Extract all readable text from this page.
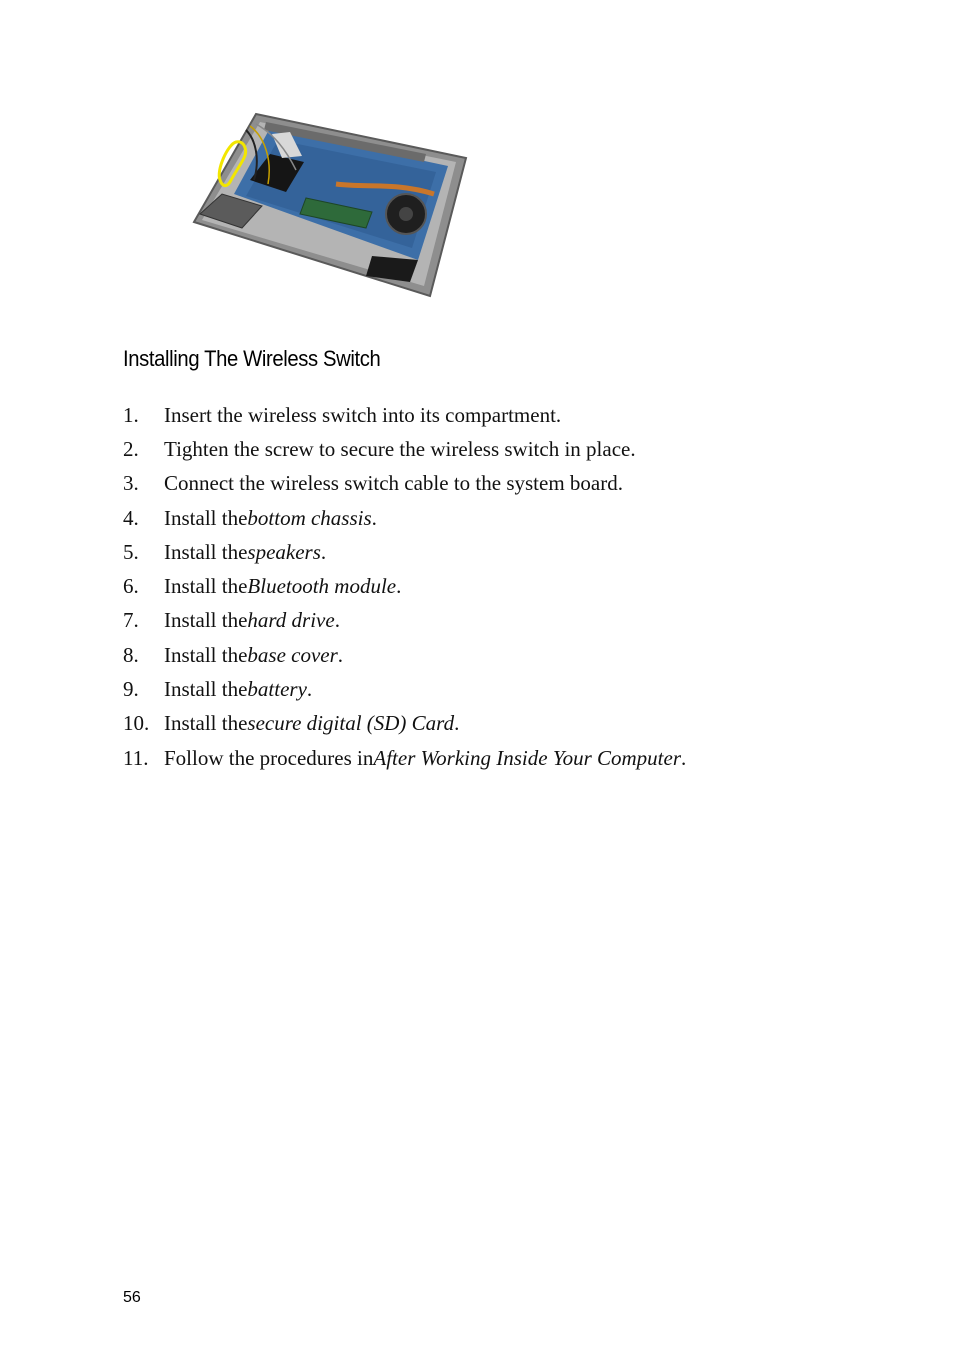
Installing The Wireless Switch
1.	Insert the wireless switch into its compartment.
2.	Tighten the screw to secure the wireless switch in place.
3.	Connect the wireless switch cable to the system board.
4.	Install the bottom chassis .
5.	Install the speakers .
6.	Install the Bluetooth module .
7.	Install the hard drive .
8.	Install the base cover .
9.	Install the battery .
10. Install the secure digital (SD) Card .
11. Follow the procedures in After Working Inside Your Computer .
56
